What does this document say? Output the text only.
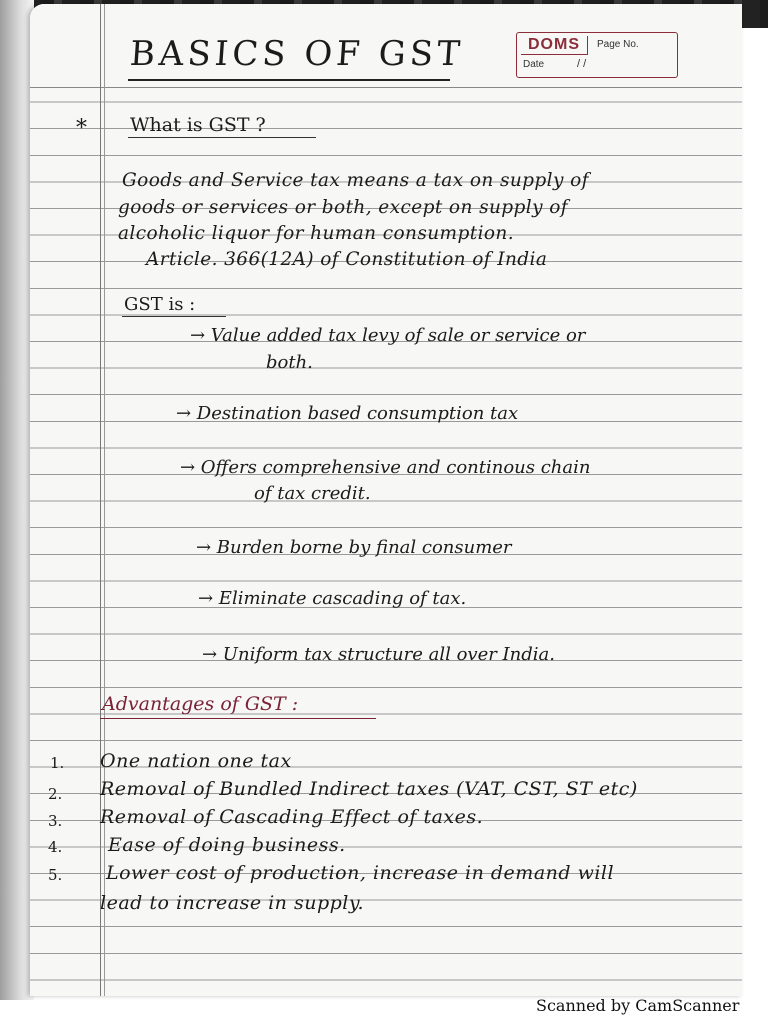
DOMS	Page No.
Date	/ /
BASICS OF GST
* What is GST ?
Goods and Service tax means a tax on supply of
goods or services or both, except on supply of
alcoholic liquor for human consumption.
Article. 366(12A) of Constitution of India
GST is :
→ Value added tax levy of sale or service or
both.
→ Destination based consumption tax
→ Offers comprehensive and continous chain
of tax credit.
→ Burden borne by final consumer
→ Eliminate cascading of tax.
→ Uniform tax structure all over India.
Advantages of GST :
1.
2.
3.
4.
5.
One nation one tax
Removal of Bundled Indirect taxes (VAT, CST, ST etc)
Removal of Cascading Effect of taxes.
Ease of doing business.
Lower cost of production, increase in demand will
lead to increase in supply.
Scanned by CamScanner
